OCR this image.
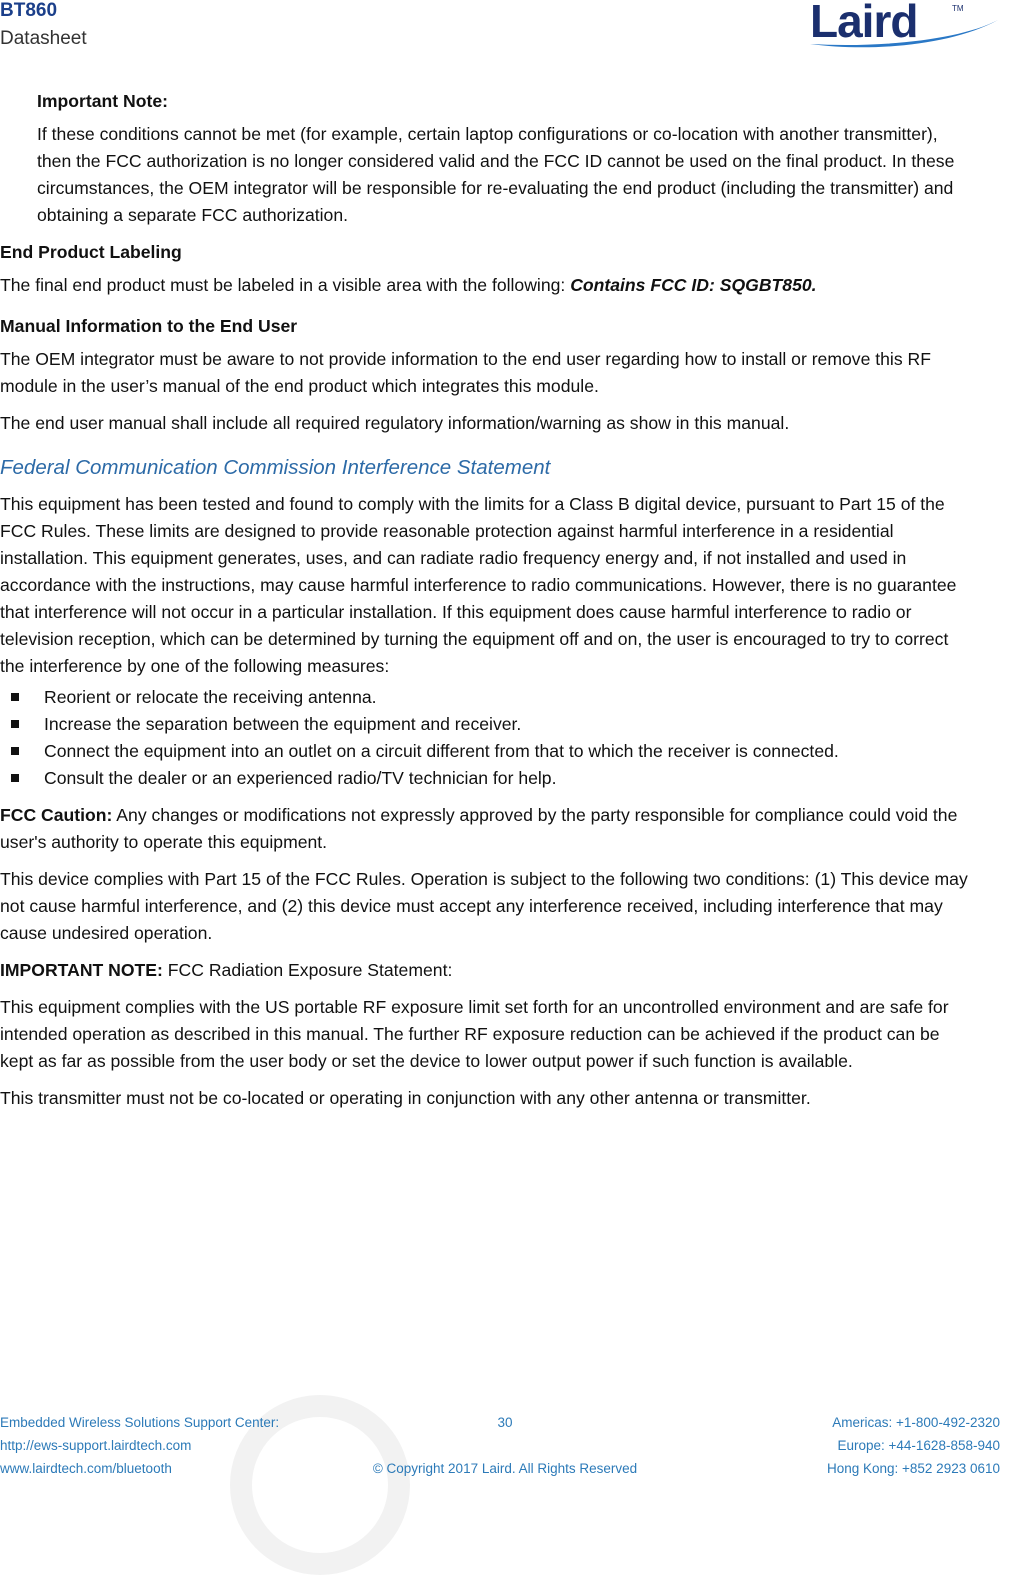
BT860
Datasheet	Laird	TM

Important Note:

If these conditions cannot be met (for example, certain laptop configurations or co-location with another transmitter), then the FCC authorization is no longer considered valid and the FCC ID cannot be used on the final product. In these circumstances, the OEM integrator will be responsible for re-evaluating the end product (including the transmitter) and obtaining a separate FCC authorization.

End Product Labeling

The final end product must be labeled in a visible area with the following: Contains FCC ID: SQGBT850.

Manual Information to the End User

The OEM integrator must be aware to not provide information to the end user regarding how to install or remove this RF module in the user’s manual of the end product which integrates this module.

The end user manual shall include all required regulatory information/warning as show in this manual.

Federal Communication Commission Interference Statement

This equipment has been tested and found to comply with the limits for a Class B digital device, pursuant to Part 15 of the FCC Rules. These limits are designed to provide reasonable protection against harmful interference in a residential installation. This equipment generates, uses, and can radiate radio frequency energy and, if not installed and used in accordance with the instructions, may cause harmful interference to radio communications. However, there is no guarantee that interference will not occur in a particular installation. If this equipment does cause harmful interference to radio or television reception, which can be determined by turning the equipment off and on, the user is encouraged to try to correct the interference by one of the following measures:

Reorient or relocate the receiving antenna.
Increase the separation between the equipment and receiver.
Connect the equipment into an outlet on a circuit different from that to which the receiver is connected.
Consult the dealer or an experienced radio/TV technician for help.

FCC Caution: Any changes or modifications not expressly approved by the party responsible for compliance could void the user's authority to operate this equipment.

This device complies with Part 15 of the FCC Rules. Operation is subject to the following two conditions: (1) This device may not cause harmful interference, and (2) this device must accept any interference received, including interference that may cause undesired operation.

IMPORTANT NOTE: FCC Radiation Exposure Statement:

This equipment complies with the US portable RF exposure limit set forth for an uncontrolled environment and are safe for intended operation as described in this manual. The further RF exposure reduction can be achieved if the product can be kept as far as possible from the user body or set the device to lower output power if such function is available.

This transmitter must not be co-located or operating in conjunction with any other antenna or transmitter.

Embedded Wireless Solutions Support Center:
http://ews-support.lairdtech.com
www.lairdtech.com/bluetooth
30
© Copyright 2017 Laird. All Rights Reserved
Americas: +1-800-492-2320
Europe: +44-1628-858-940
Hong Kong: +852 2923 0610
